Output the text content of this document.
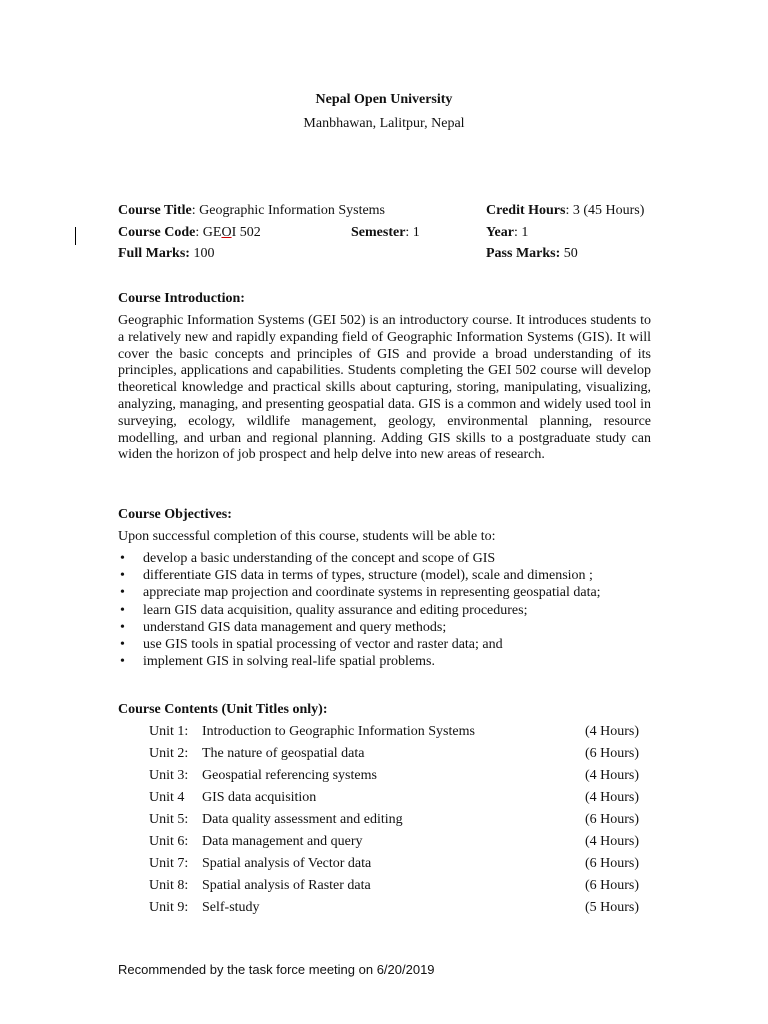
Nepal Open University
Manbhawan, Lalitpur, Nepal
Course Title: Geographic Information Systems	Credit Hours: 3 (45 Hours)
Course Code: GEOI 502	Semester: 1	Year: 1
Full Marks: 100	Pass Marks: 50
Course Introduction:
Geographic Information Systems (GEI 502) is an introductory course. It introduces students to a relatively new and rapidly expanding field of Geographic Information Systems (GIS). It will cover the basic concepts and principles of GIS and provide a broad understanding of its principles, applications and capabilities. Students completing the GEI 502 course will develop theoretical knowledge and practical skills about capturing, storing, manipulating, visualizing, analyzing, managing, and presenting geospatial data. GIS is a common and widely used tool in surveying, ecology, wildlife management, geology, environmental planning, resource modelling, and urban and regional planning. Adding GIS skills to a postgraduate study can widen the horizon of job prospect and help delve into new areas of research.
Course Objectives:
Upon successful completion of this course, students will be able to:
• develop a basic understanding of the concept and scope of GIS
• differentiate GIS data in terms of types, structure (model), scale and dimension ;
• appreciate map projection and coordinate systems in representing geospatial data;
• learn GIS data acquisition, quality assurance and editing procedures;
• understand GIS data management and query methods;
• use GIS tools in spatial processing of vector and raster data; and
• implement GIS in solving real-life spatial problems.
Course Contents (Unit Titles only):
Unit 1: Introduction to Geographic Information Systems	(4 Hours)
Unit 2: The nature of geospatial data	(6 Hours)
Unit 3: Geospatial referencing systems	(4 Hours)
Unit 4 GIS data acquisition	(4 Hours)
Unit 5: Data quality assessment and editing	(6 Hours)
Unit 6: Data management and query	(4 Hours)
Unit 7: Spatial analysis of Vector data	(6 Hours)
Unit 8: Spatial analysis of Raster data	(6 Hours)
Unit 9: Self-study	(5 Hours)
Recommended by the task force meeting on 6/20/2019
